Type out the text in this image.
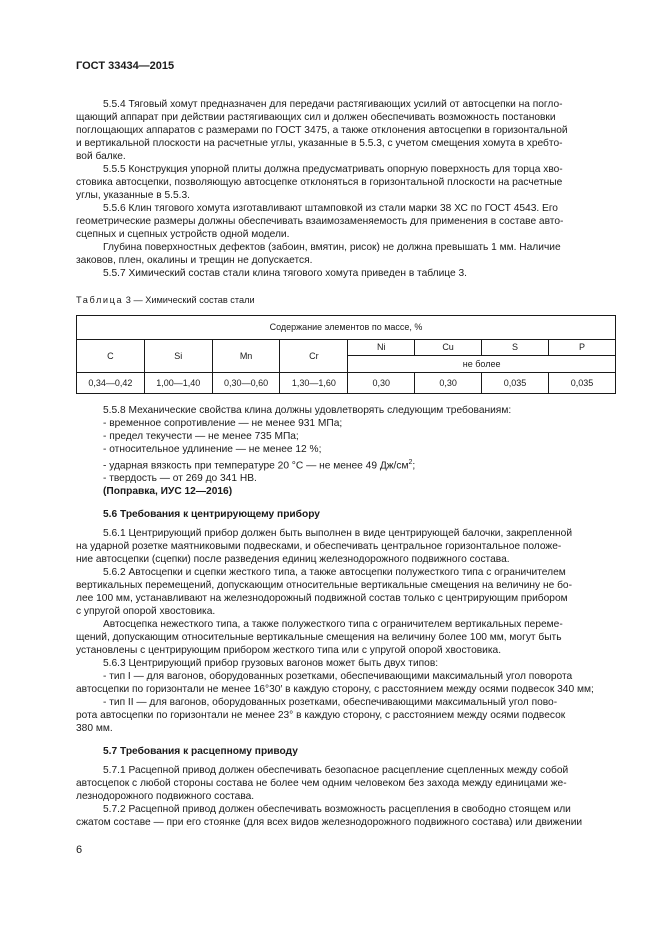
ГОСТ 33434—2015

5.5.4 Тяговый хомут предназначен для передачи растягивающих усилий от автосцепки на погло-

щающий аппарат при действии растягивающих сил и должен обеспечивать возможность постановки

поглощающих аппаратов с размерами по ГОСТ 3475, а также отклонения автосцепки в горизонтальной

и вертикальной плоскости на расчетные углы, указанные в 5.5.3, с учетом смещения хомута в хребто-

вой балке.

5.5.5 Конструкция упорной плиты должна предусматривать опорную поверхность для торца хво-

стовика автосцепки, позволяющую автосцепке отклоняться в горизонтальной плоскости на расчетные

углы, указанные в 5.5.3.

5.5.6 Клин тягового хомута изготавливают штамповкой из стали марки 38 ХС по ГОСТ 4543. Его

геометрические размеры должны обеспечивать взаимозаменяемость для применения в составе авто-

сцепных и сцепных устройств одной модели.

Глубина поверхностных дефектов (забоин, вмятин, рисок) не должна превышать 1 мм. Наличие

заковов, плен, окалины и трещин не допускается.

5.5.7 Химический состав стали клина тягового хомута приведен в таблице 3.

Таблица 3 — Химический состав стали
Содержание элементов по массе, %							
C	Si	Mn	Cr	Ni	Cu	S	P
				не более			
0,34—0,42	1,00—1,40	0,30—0,60	1,30—1,60	0,30	0,30	0,035	0,035

5.5.8 Механические свойства клина должны удовлетворять следующим требованиям:

- временное сопротивление — не менее 931 МПа;

- предел текучести — не менее 735 МПа;

- относительное удлинение — не менее 12 %;

- ударная вязкость при температуре 20 °С — не менее 49 $Дж/см^2$;

- твердость — от 269 до 341 НВ.

(Поправка, ИУС 12—2016)

5.6 Требования к центрирующему прибору

5.6.1 Центрирующий прибор должен быть выполнен в виде центрирующей балочки, закрепленной

на ударной розетке маятниковыми подвесками, и обеспечивать центральное горизонтальное положе-

ние автосцепки (сцепки) после разведения единиц железнодорожного подвижного состава.

5.6.2 Автосцепки и сцепки жесткого типа, а также автосцепки полужесткого типа с ограничителем

вертикальных перемещений, допускающим относительные вертикальные смещения на величину не бо-

лее 100 мм, устанавливают на железнодорожный подвижной состав только с центрирующим прибором

с упругой опорой хвостовика.

Автосцепка нежесткого типа, а также полужесткого типа с ограничителем вертикальных переме-

щений, допускающим относительные вертикальные смещения на величину более 100 мм, могут быть

установлены с центрирующим прибором жесткого типа или с упругой опорой хвостовика.

5.6.3 Центрирующий прибор грузовых вагонов может быть двух типов:

- тип I — для вагонов, оборудованных розетками, обеспечивающими максимальный угол поворота

автосцепки по горизонтали не менее 16°30′ в каждую сторону, с расстоянием между осями подвесок 340 мм;

- тип II — для вагонов, оборудованных розетками, обеспечивающими максимальный угол пово-

рота автосцепки по горизонтали не менее 23° в каждую сторону, с расстоянием между осями подвесок

380 мм.

5.7 Требования к расцепному приводу

5.7.1 Расцепной привод должен обеспечивать безопасное расцепление сцепленных между собой

автосцепок с любой стороны состава не более чем одним человеком без захода между единицами же-

лезнодорожного подвижного состава.

5.7.2 Расцепной привод должен обеспечивать возможность расцепления в свободно стоящем или

сжатом составе — при его стоянке (для всех видов железнодорожного подвижного состава) или движении

6
